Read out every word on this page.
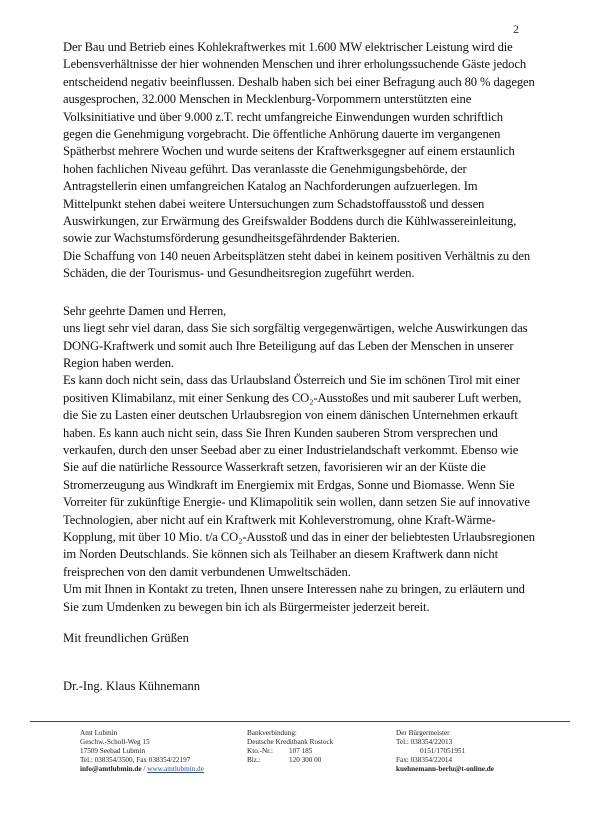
2

Der Bau und Betrieb eines Kohlekraftwerkes mit 1.600 MW elektrischer Leistung wird die Lebensverhältnisse der hier wohnenden Menschen und ihrer erholungssuchende Gäste jedoch entscheidend negativ beeinflussen. Deshalb haben sich bei einer Befragung auch 80 % dagegen ausgesprochen, 32.000 Menschen in Mecklenburg-Vorpommern unterstützten eine Volksinitiative und über 9.000 z.T. recht umfangreiche Einwendungen wurden schriftlich gegen die Genehmigung vorgebracht. Die öffentliche Anhörung dauerte im vergangenen Spätherbst mehrere Wochen und wurde seitens der Kraftwerksgegner auf einem erstaunlich hohen fachlichen Niveau geführt. Das veranlasste die Genehmigungsbehörde, der Antragstellerin einen umfangreichen Katalog an Nachforderungen aufzuerlegen. Im Mittelpunkt stehen dabei weitere Untersuchungen zum Schadstoffausstoß und dessen Auswirkungen, zur Erwärmung des Greifswalder Boddens durch die Kühlwassereinleitung, sowie zur Wachstumsförderung gesundheitsgefährdender Bakterien.

Die Schaffung von 140 neuen Arbeitsplätzen steht dabei in keinem positiven Verhältnis zu den Schäden, die der Tourismus- und Gesundheitsregion zugeführt werden.

Sehr geehrte Damen und Herren,

uns liegt sehr viel daran, dass Sie sich sorgfältig vergegenwärtigen, welche Auswirkungen das DONG-Kraftwerk und somit auch Ihre Beteiligung auf das Leben der Menschen in unserer Region haben werden.

Es kann doch nicht sein, dass das Urlaubsland Österreich und Sie im schönen Tirol mit einer positiven Klimabilanz, mit einer Senkung des CO₂-Ausstoßes und mit sauberer Luft werben, die Sie zu Lasten einer deutschen Urlaubsregion von einem dänischen Unternehmen erkauft haben. Es kann auch nicht sein, dass Sie Ihren Kunden sauberen Strom versprechen und verkaufen, durch den unser Seebad aber zu einer Industrielandschaft verkommt. Ebenso wie Sie auf die natürliche Ressource Wasserkraft setzen, favorisieren wir an der Küste die Stromerzeugung aus Windkraft im Energiemix mit Erdgas, Sonne und Biomasse. Wenn Sie Vorreiter für zukünftige Energie- und Klimapolitik sein wollen, dann setzen Sie auf innovative Technologien, aber nicht auf ein Kraftwerk mit Kohleverstromung, ohne Kraft-Wärme-Kopplung, mit über 10 Mio. t/a CO₂-Ausstoß und das in einer der beliebtesten Urlaubsregionen im Norden Deutschlands. Sie können sich als Teilhaber an diesem Kraftwerk dann nicht freisprechen von den damit verbundenen Umweltschäden.

Um mit Ihnen in Kontakt zu treten, Ihnen unsere Interessen nahe zu bringen, zu erläutern und Sie zum Umdenken zu bewegen bin ich als Bürgermeister jederzeit bereit.

Mit freundlichen Grüßen
Dr.-Ing. Klaus Kühnemann
Amt Lubmin
Geschw.-Scholl-Weg 15
17509 Seebad Lubmin
Tel.: 038354/3500, Fax 038354/22197
info@amtlubmin.de / www.amtlubmin.de
Bankverbindung:
Deutsche Kreditbank Rostock
Kto.-Nr.: 107 185
Blz.:	120 300 00
Der Bürgermeister
Tel.: 038354/22013
0151/17051951
Fax: 038354/22014
kuehnemann-berlu@t-online.de
